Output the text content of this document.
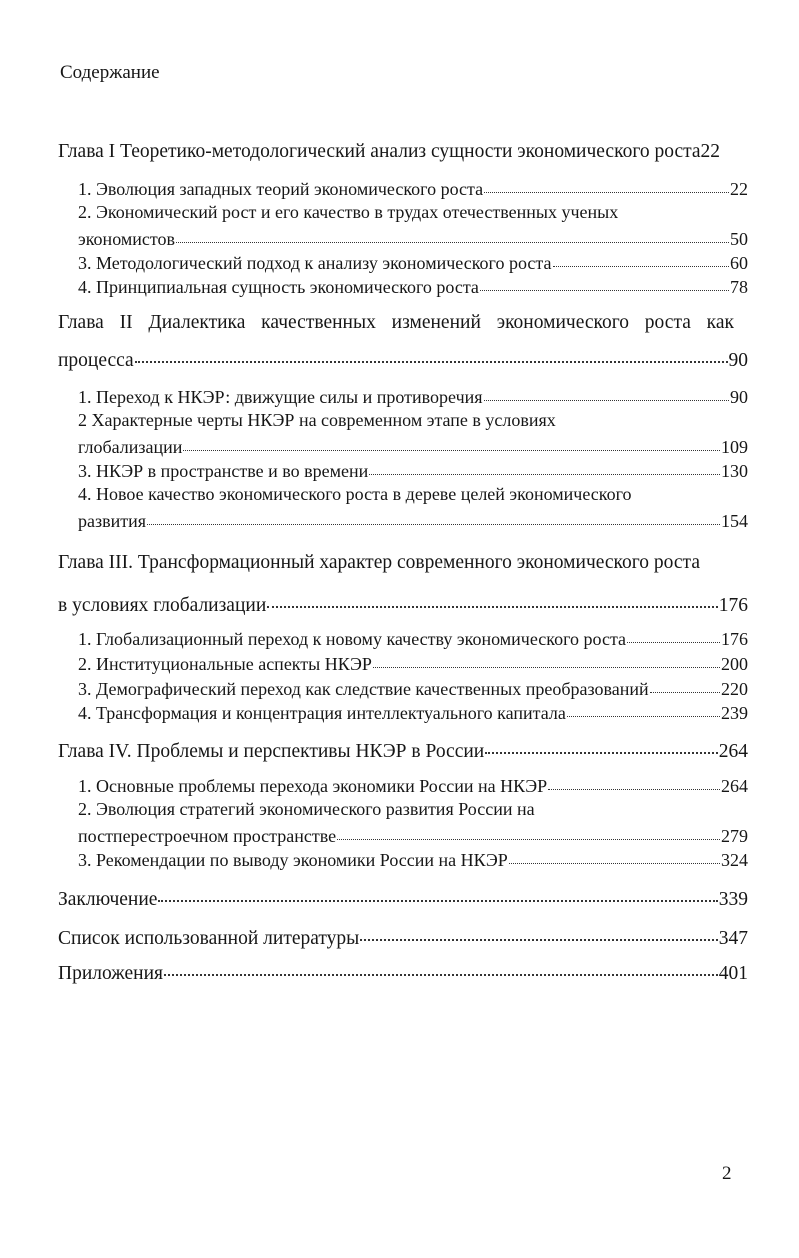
Содержание
Глава I Теоретико-методологический анализ сущности экономического роста 22
1. Эволюция западных теорий экономического роста	22
2. Экономический рост и его качество в трудах отечественных ученых
экономистов	50
3. Методологический подход к анализу экономического роста	60
4. Принципиальная сущность экономического роста	78
Глава II Диалектика качественных изменений экономического роста как
процесса	90
1. Переход к НКЭР: движущие силы и противоречия	90
2 Характерные черты НКЭР на современном этапе в условиях
глобализации	109
3. НКЭР в пространстве и во времени	130
4. Новое качество экономического роста в дереве целей экономического
развития	154
Глава III. Трансформационный характер современного экономического роста
в условиях глобализации	176
1. Глобализационный переход к новому качеству экономического роста	176
2. Институциональные аспекты НКЭР	200
3. Демографический переход как следствие качественных преобразований	220
4. Трансформация и концентрация интеллектуального капитала	239
Глава IV. Проблемы и перспективы НКЭР в России	264
1. Основные проблемы перехода экономики России на НКЭР	264
2. Эволюция стратегий экономического развития России на
постперестроечном пространстве	279
3. Рекомендации по выводу экономики России на НКЭР	324
Заключение	339
Список использованной литературы	347
Приложения	401
2
